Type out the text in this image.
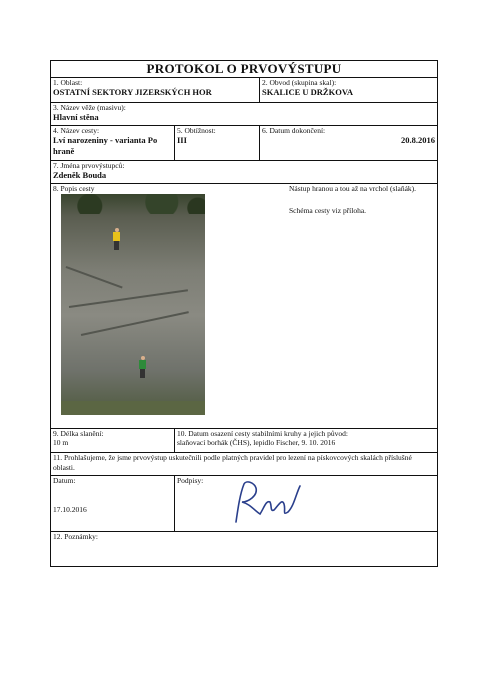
PROTOKOL O PRVOVÝSTUPU
1. Oblast:
OSTATNÍ SEKTORY JIZERSKÝCH HOR
2. Obvod (skupina skal):
SKALICE U DRŽKOVA
3. Název věže (masivu):
Hlavní stěna
4. Název cesty:
Lví narozeniny - varianta Po
hraně
5. Obtížnost:
III
6. Datum dokončení:
20.8.2016
7. Jména prvovýstupců:
Zdeněk Bouda
8. Popis cesty	Nástup hranou a tou až na vrchol (slaňák).
Schéma cesty viz příloha.
9. Délka slanění:
10 m
10. Datum osazení cesty stabilními kruhy a jejich původ:
slaňovací borhák (ČHS), lepidlo Fischer, 9. 10. 2016
11. Prohlašujeme, že jsme prvovýstup uskutečnili podle platných pravidel pro lezení na pískovcových skalách příslušné oblasti.
Datum:
17.10.2016
Podpisy:
12. Poznámky:
